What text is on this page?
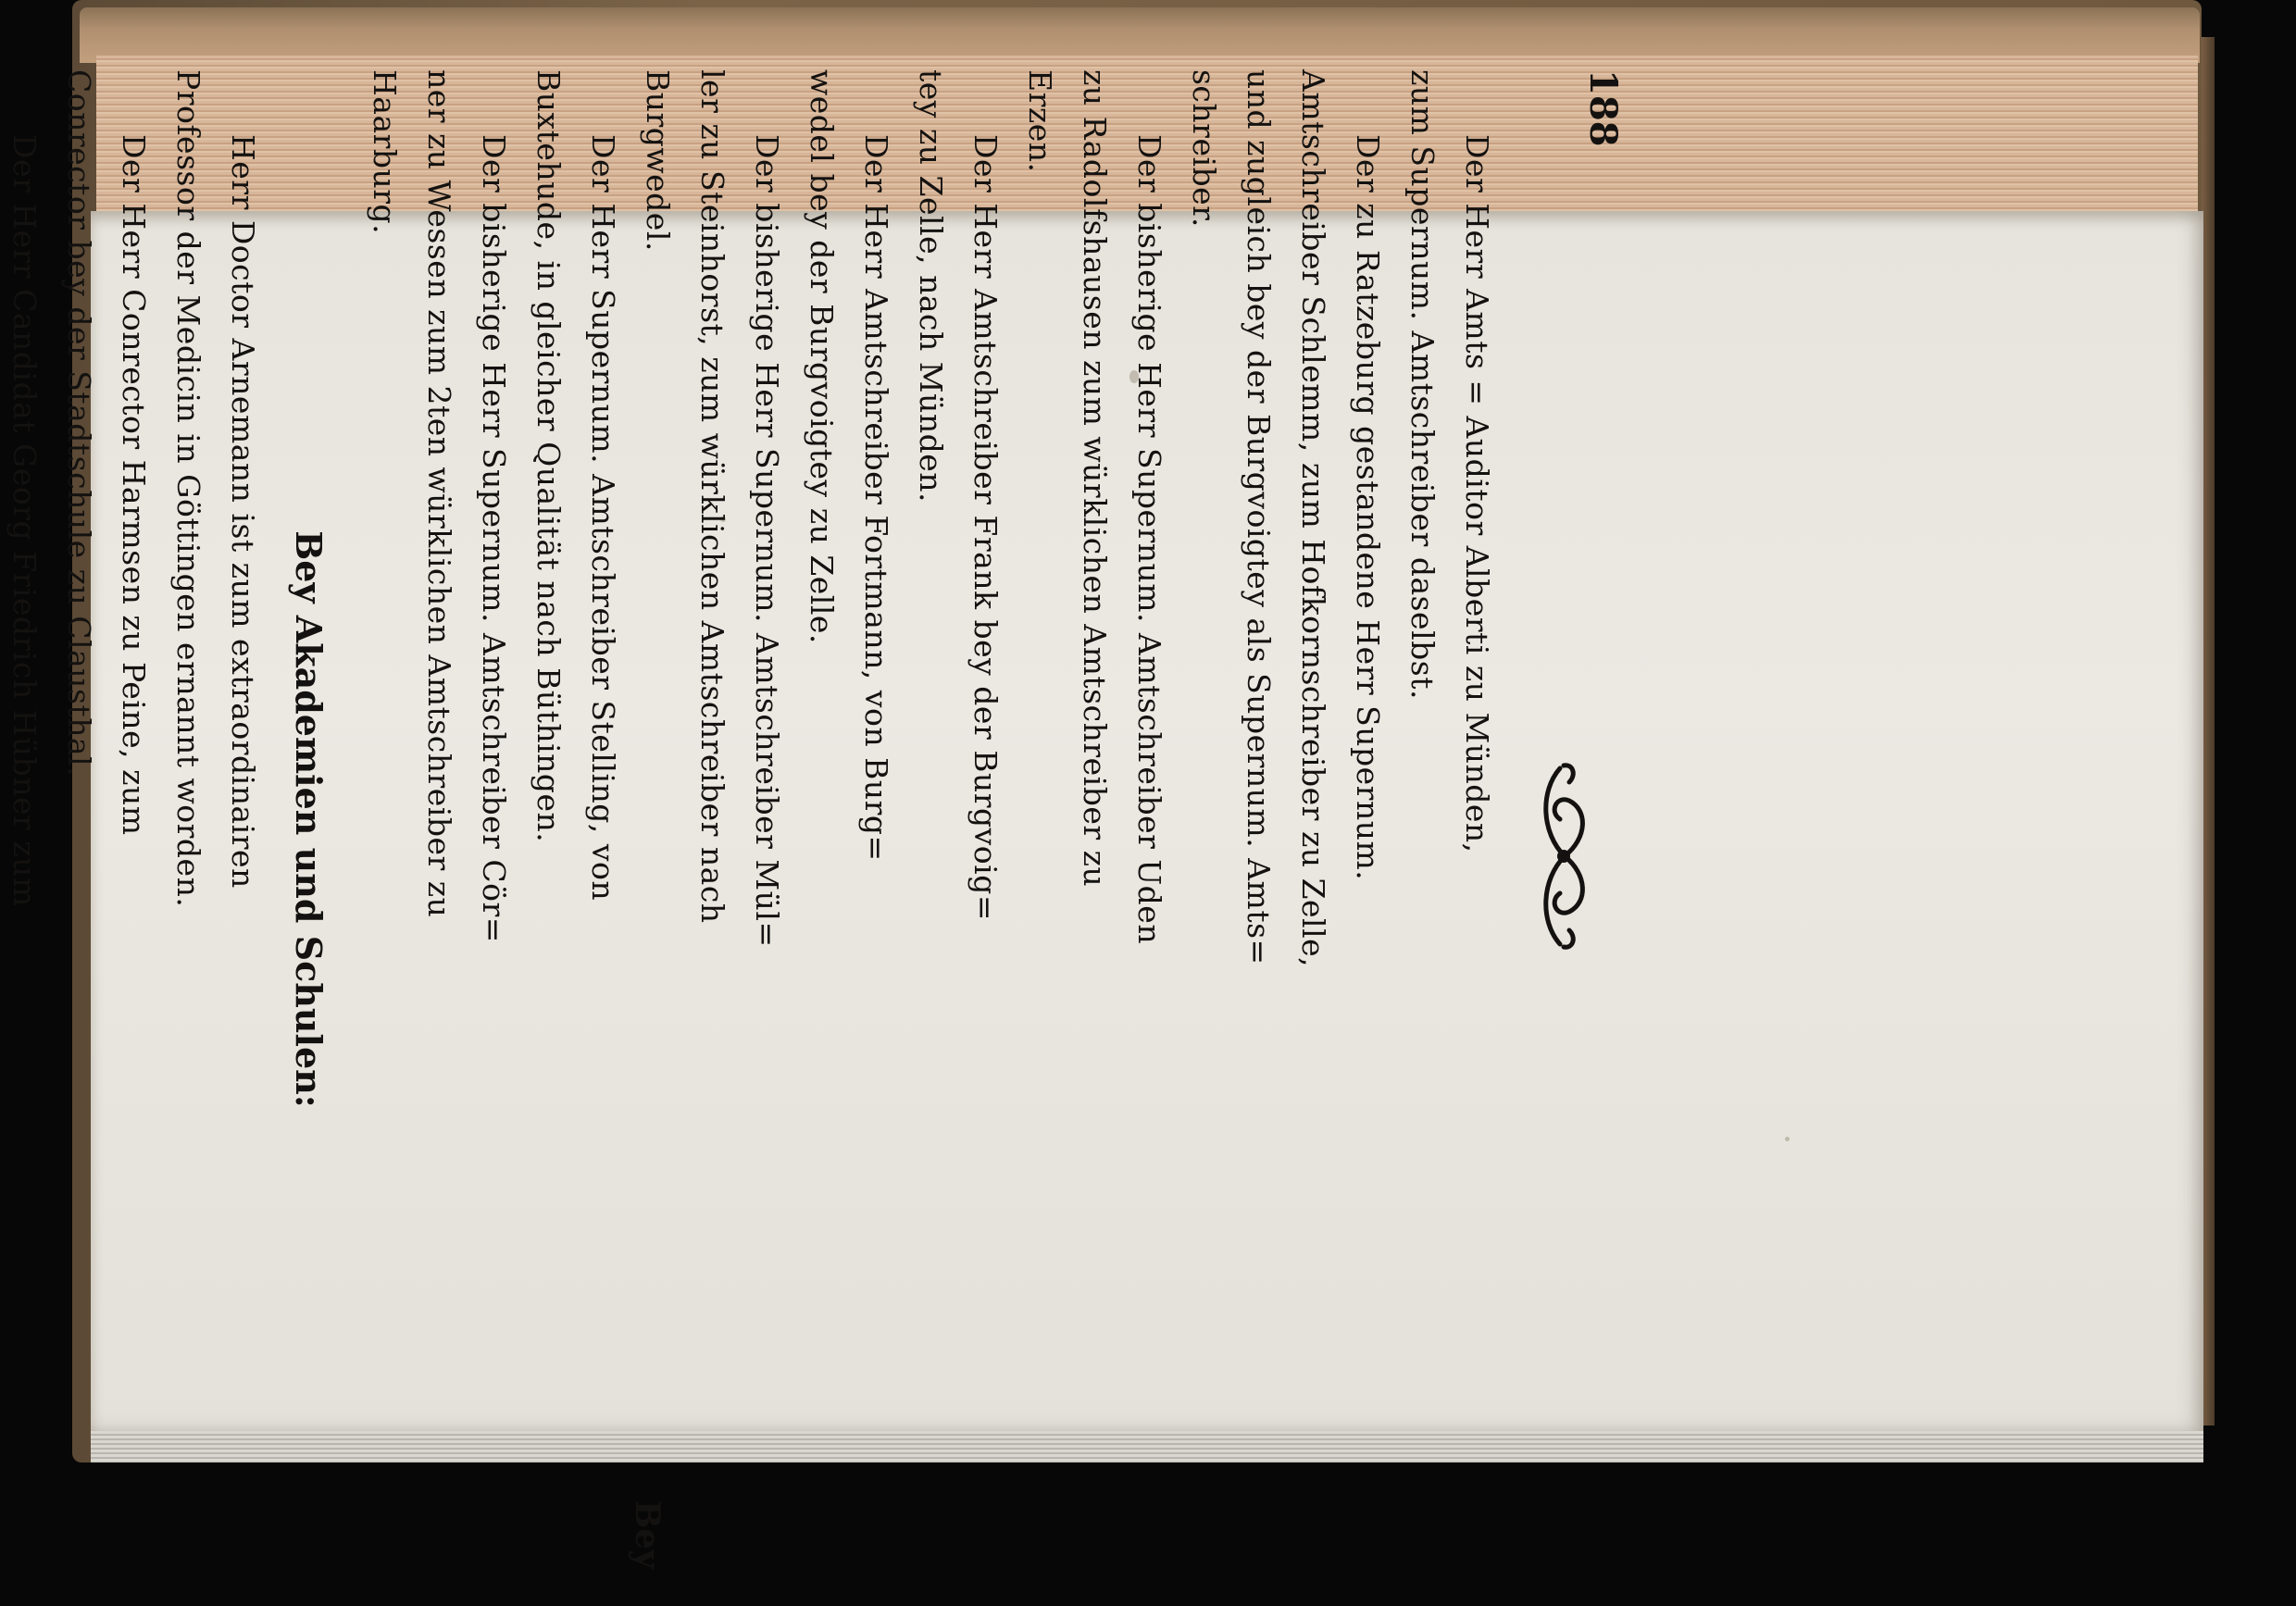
188
Der Herr Amts = Auditor Alberti zu Münden,
zum Supernum. Amtschreiber daselbst.
Der zu Ratzeburg gestandene Herr Supernum.
Amtschreiber Schlemm, zum Hofkornschreiber zu Zelle,
und zugleich bey der Burgvoigtey als Supernum. Amts=
schreiber.
Der bisherige Herr Supernum. Amtschreiber Uden
zu Radolfshausen zum würklichen Amtschreiber zu
Erzen.
Der Herr Amtschreiber Frank bey der Burgvoig=
tey zu Zelle, nach Münden.
Der Herr Amtschreiber Fortmann, von Burg=
wedel bey der Burgvoigtey zu Zelle.
Der bisherige Herr Supernum. Amtschreiber Mül=
ler zu Steinhorst, zum würklichen Amtschreiber nach
Burgwedel.
Der Herr Supernum. Amtschreiber Stelling, von
Buxtehude, in gleicher Qualität nach Büthingen.
Der bisherige Herr Supernum. Amtschreiber Cör=
ner zu Wessen zum 2ten würklichen Amtschreiber zu
Haarburg.
Bey Akademien und Schulen:
Herr Doctor Arnemann ist zum extraordinairen
Professor der Medicin in Göttingen ernannt worden.
Der Herr Conrector Harmsen zu Peine, zum
Conrector bey der Stadtschule zu Clausthal.
Der Herr Candidat Georg Friedrich Hübner zum
Bey
